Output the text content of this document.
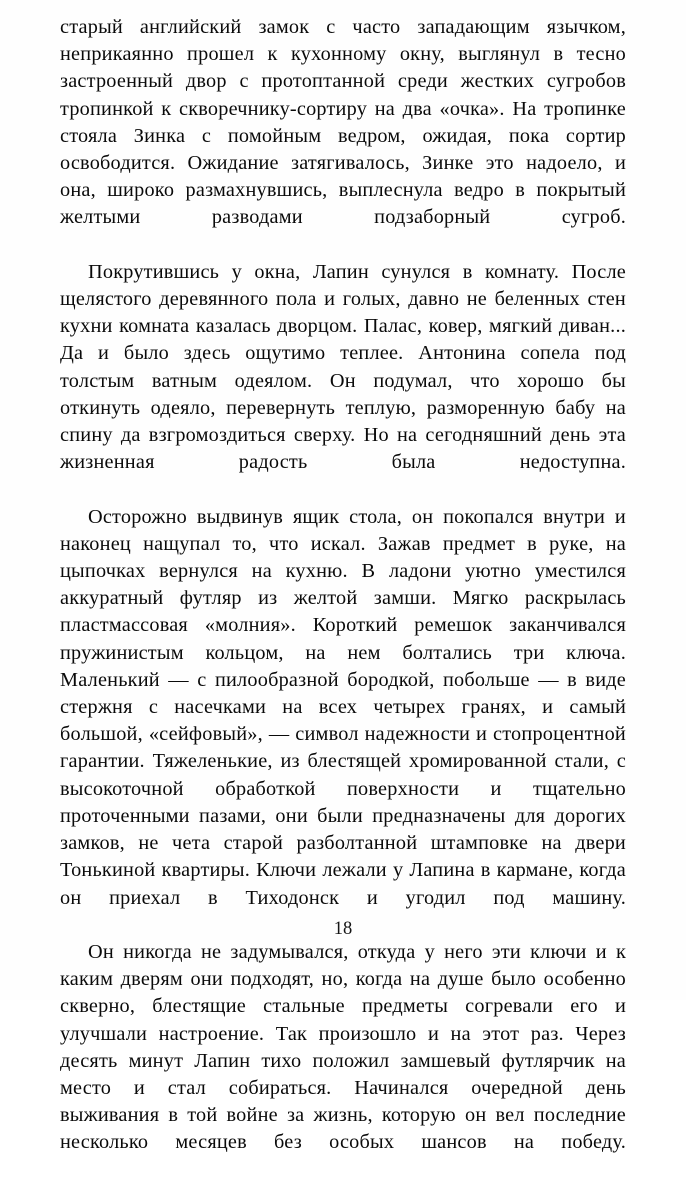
старый английский замок с часто западающим язычком, неприкаянно прошел к кухонному окну, выглянул в тесно застроенный двор с протоптанной среди жестких сугробов тропинкой к скворечнику-сортиру на два «очка». На тропинке стояла Зинка с помойным ведром, ожидая, пока сортир освободится. Ожидание затягивалось, Зинке это надоело, и она, широко размахнувшись, выплеснула ведро в покрытый желтыми разводами подзаборный сугроб.

Покрутившись у окна, Лапин сунулся в комнату. После щелястого деревянного пола и голых, давно не беленных стен кухни комната казалась дворцом. Палас, ковер, мягкий диван... Да и было здесь ощутимо теплее. Антонина сопела под толстым ватным одеялом. Он подумал, что хорошо бы откинуть одеяло, перевернуть теплую, разморенную бабу на спину да взгромоздиться сверху. Но на сегодняшний день эта жизненная радость была недоступна.

Осторожно выдвинув ящик стола, он покопался внутри и наконец нащупал то, что искал. Зажав предмет в руке, на цыпочках вернулся на кухню. В ладони уютно уместился аккуратный футляр из желтой замши. Мягко раскрылась пластмассовая «молния». Короткий ремешок заканчивался пружинистым кольцом, на нем болтались три ключа. Маленький — с пилообразной бородкой, побольше — в виде стержня с насечками на всех четырех гранях, и самый большой, «сейфовый», — символ надежности и стопроцентной гарантии. Тяжеленькие, из блестящей хромированной стали, с высокоточной обработкой поверхности и тщательно проточенными пазами, они были предназначены для дорогих замков, не чета старой разболтанной штамповке на двери Тонькиной квартиры. Ключи лежали у Лапина в кармане, когда он приехал в Тиходонск и угодил под машину.

Он никогда не задумывался, откуда у него эти ключи и к каким дверям они подходят, но, когда на душе было особенно скверно, блестящие стальные предметы согревали его и улучшали настроение. Так произошло и на этот раз. Через десять минут Лапин тихо положил замшевый футлярчик на место и стал собираться. Начинался очередной день выживания в той войне за жизнь, которую он вел последние несколько месяцев без особых шансов на победу.

18
